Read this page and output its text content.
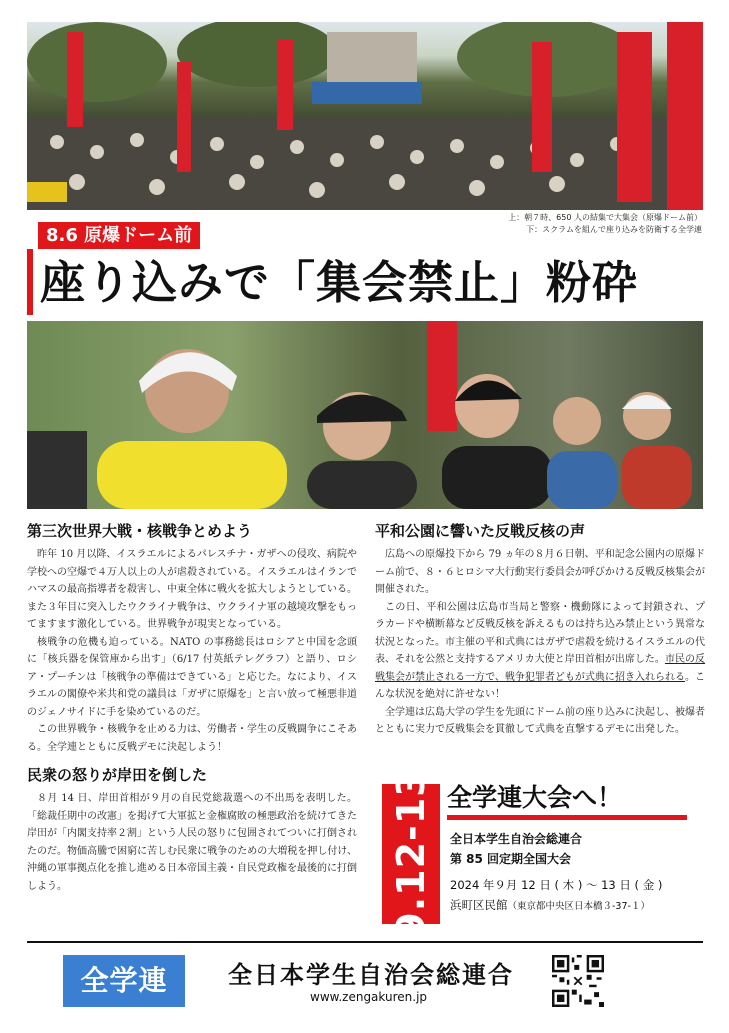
上：朝７時、650 人の結集で大集会（原爆ドーム前）
下：スクラムを組んで座り込みを防衛する全学連
8.6 原爆ドーム前
座り込みで「集会禁止」粉砕
第三次世界大戦・核戦争とめよう

昨年 10 月以降、イスラエルによるパレスチナ・ガザへの侵攻、病院や学校への空爆で４万人以上の人が虐殺されている。イスラエルはイランでハマスの最高指導者を殺害し、中東全体に戦火を拡大しようとしている。また３年目に突入したウクライナ戦争は、ウクライナ軍の越境攻撃をもってますます激化している。世界戦争が現実となっている。

核戦争の危機も迫っている。NATO の事務総長はロシアと中国を念頭に「核兵器を保管庫から出す」（6/17 付英紙テレグラフ）と語り、ロシア・プーチンは「核戦争の準備はできている」と応じた。なにより、イスラエルの閣僚や米共和党の議員は「ガザに原爆を」と言い放って極悪非道のジェノサイドに手を染めているのだ。

この世界戦争・核戦争を止める力は、労働者・学生の反戦闘争にこそある。全学連とともに反戦デモに決起しよう！

民衆の怒りが岸田を倒した

８月 14 日、岸田首相が９月の自民党総裁選への不出馬を表明した。「総裁任期中の改憲」を掲げて大軍拡と金権腐敗の極悪政治を続けてきた岸田が「内閣支持率２割」という人民の怒りに包囲されてついに打倒されたのだ。物価高騰で困窮に苦しむ民衆に戦争のための大増税を押し付け、沖縄の軍事拠点化を推し進める日本帝国主義・自民党政権を最後的に打倒しよう。

平和公園に響いた反戦反核の声

広島への原爆投下から 79 ヵ年の８月６日朝、平和記念公園内の原爆ドーム前で、８・６ヒロシマ大行動実行委員会が呼びかける反戦反核集会が開催された。

この日、平和公園は広島市当局と警察・機動隊によって封鎖され、プラカードや横断幕など反戦反核を訴えるものは持ち込み禁止という異常な状況となった。市主催の平和式典にはガザで虐殺を続けるイスラエルの代表、それを公然と支持するアメリカ大使と岸田首相が出席した。市民の反戦集会が禁止される一方で、戦争犯罪者どもが式典に招き入れられる。こんな状況を絶対に許せない！

全学連は広島大学の学生を先頭にドーム前の座り込みに決起し、被爆者とともに実力で反戦集会を貫徹して式典を直撃するデモに出発した。

9.12-13 全学連大会へ！
全日本学生自治会総連合
第 85 回定期全国大会
2024 年９月 12 日 ( 木 ) ～ 13 日 ( 金 )
浜町区民館（東京都中央区日本橋３-37-１）
全学連	全日本学生自治会総連合
www.zengakuren.jp
